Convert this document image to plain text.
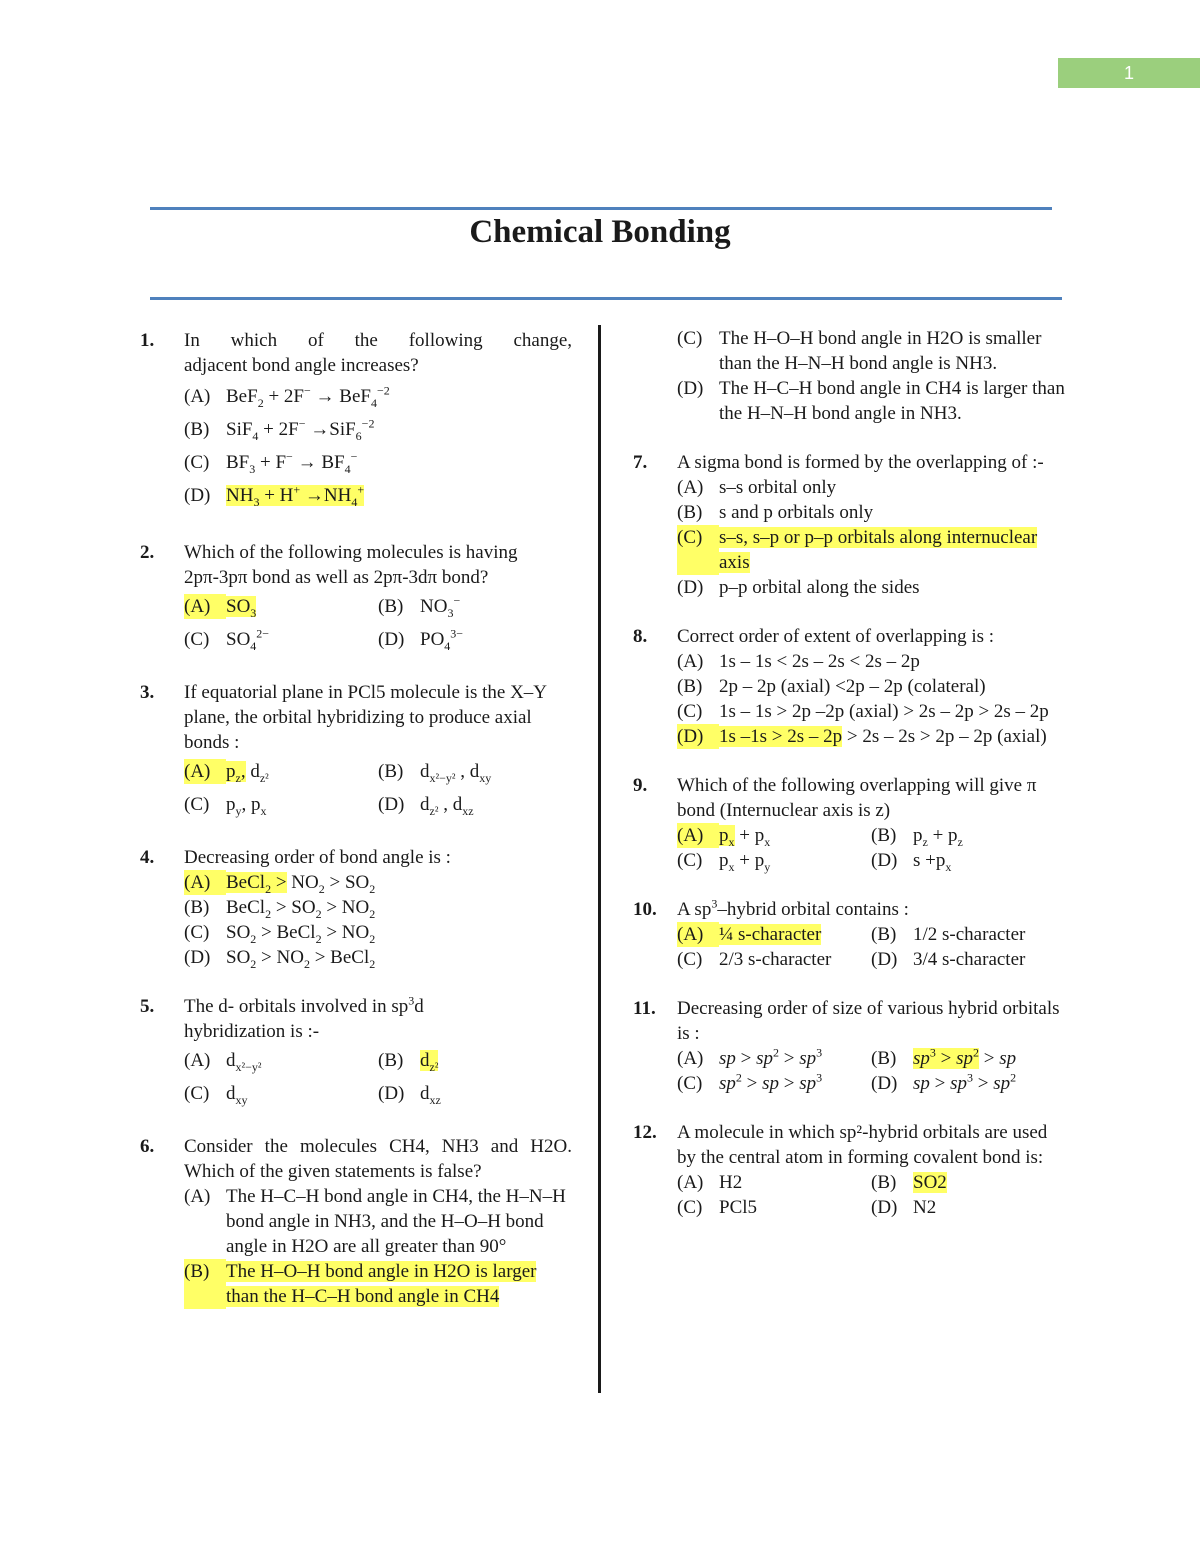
1
Chemical Bonding
1.	In which of the following change,
adjacent bond angle increases?
(A) BeF$_2$ + 2F− → BeF$_4^{-2}$
(B) SiF$_4$ + 2F− →SiF$_6^{-2}$
(C) $BF_3 + F^- \to BF_4^-$
(D) $NH_3 + H^+ \to NH_4^+$
2.	Which of the following molecules is having 2pπ-3pπ bond as well as 2pπ-3dπ bond?
(A) $SO_3$	(B) $NO_3^-$
(C) $SO_4^{2-}$	(D) $PO_4^{3-}$
3.	If equatorial plane in PCl5 molecule is the X–Y plane, the orbital hybridizing to produce axial bonds :
(A) $p_z$, $d_{z^2}$	(B) $d_{x^2-y^2}$ , $d_{xy}$
(C) $p_y$, $p_x$	(D) $d_{z^2}$ , $d_{xz}$
4.	Decreasing order of bond angle is :
(A) BeCl$_2$ > $NO_2 > SO_2$
(B) BeCl$_2$ > $SO_2 > NO_2$
(C) $SO_2$ > BeCl$_2$ > $NO_2$
(D) $SO_2 > NO_2$ > BeCl$_2$
5.	The d- orbitals involved in $sp^3d$
hybridization is :-
(A) $d_{x^2-y^2}$	(B) $d_{z^2}$
(C) $d_{xy}$	(D) $d_{xz}$
6.	Consider the molecules CH4, NH3 and H2O.
Which of the given statements is false?
(A) The H–C–H bond angle in CH4, the H–N–H bond angle in NH3, and the H–O–H bond angle in H2O are all greater than 90°
(B) The H–O–H bond angle in H2O is larger than the H–C–H bond angle in CH4
(C) The H–O–H bond angle in H2O is smaller than the H–N–H bond angle is NH3.
(D) The H–C–H bond angle in CH4 is larger than the H–N–H bond angle in NH3.
7.	A sigma bond is formed by the overlapping of :-
(A) s–s orbital only
(B) s and p orbitals only
(C) s–s, s–p or p–p orbitals along internuclear axis
(D) p–p orbital along the sides
8.	Correct order of extent of overlapping is :
(A) 1s – 1s < 2s – 2s < 2s – 2p
(B) 2p – 2p (axial) <2p – 2p (colateral)
(C) 1s – 1s > 2p –2p (axial) > 2s – 2p > 2s – 2p
(D) 1s –1s > 2s – 2p > 2s – 2s > 2p – 2p (axial)
9.	Which of the following overlapping will give π bond (Internuclear axis is z)
(A) $p_x + p_x$	(B) $p_z + p_z$
(C) $p_x + p_y$	(D) $s +p_x$
10.	A $sp^3$–hybrid orbital contains :
(A) ¼ s-character	(B) 1/2 s-character
(C) 2/3 s-character	(D) 3/4 s-character
11.	Decreasing order of size of various hybrid orbitals is :
(A) sp > $sp^2 > sp^3$	(B) $sp^3 > sp^2$ > sp
(C) $sp^2$ > sp > $sp^3$	(D) sp > $sp^3 > sp^2$
12.	A molecule in which sp²-hybrid orbitals are used by the central atom in forming covalent bond is:
(A) H2	(B) SO2
(C) PCl5	(D) N2
